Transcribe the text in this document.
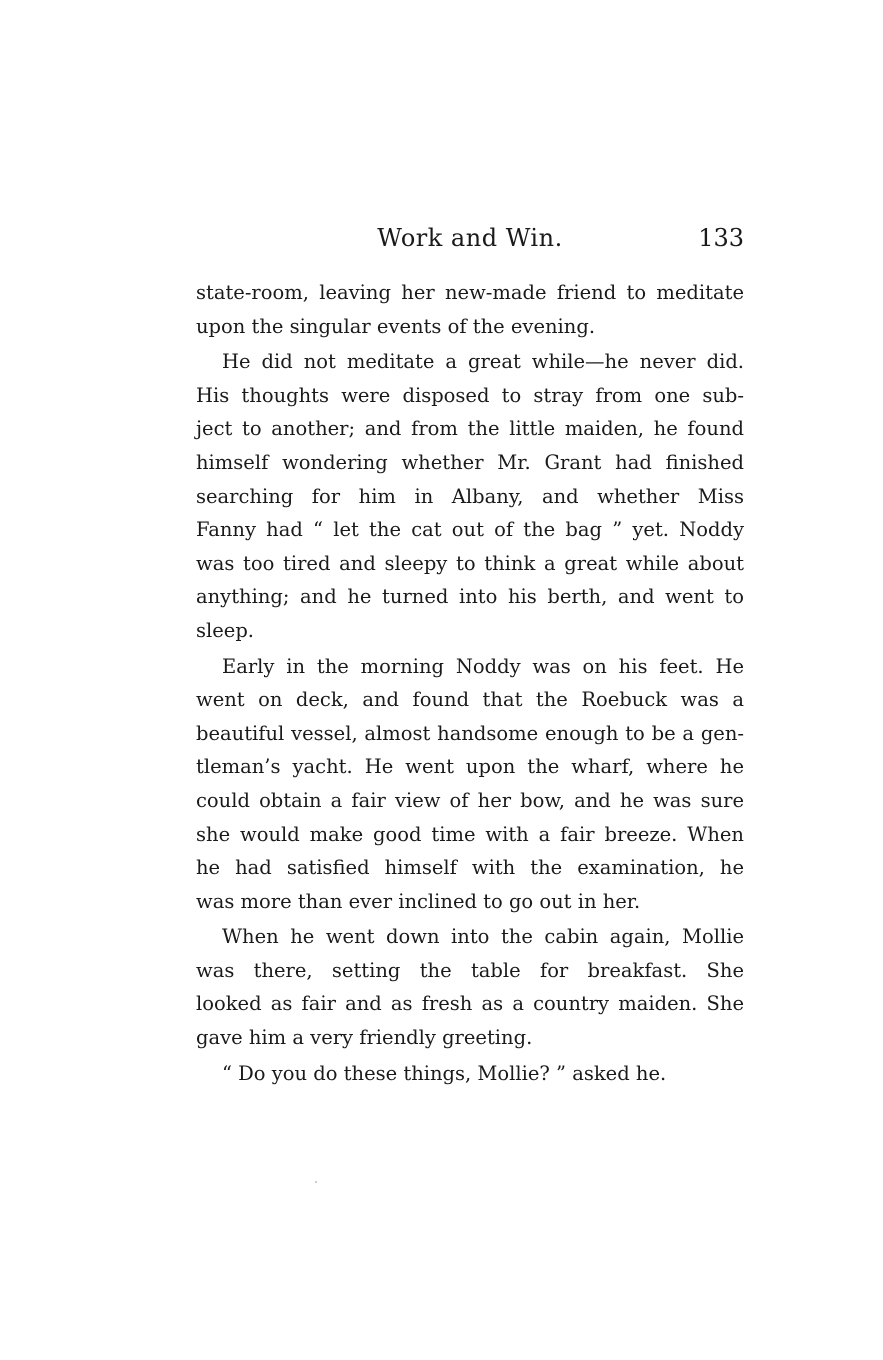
Work and Win.	133
state-room, leaving her new-made friend to meditate
upon the singular events of the evening.
He did not meditate a great while—he never did.
His thoughts were disposed to stray from one sub-
ject to another; and from the little maiden, he found
himself wondering whether Mr. Grant had finished
searching for him in Albany, and whether Miss
Fanny had “ let the cat out of the bag ” yet. Noddy
was too tired and sleepy to think a great while about
anything; and he turned into his berth, and went to
sleep.
Early in the morning Noddy was on his feet. He
went on deck, and found that the Roebuck was a
beautiful vessel, almost handsome enough to be a gen-
tleman’s yacht. He went upon the wharf, where he
could obtain a fair view of her bow, and he was sure
she would make good time with a fair breeze. When
he had satisfied himself with the examination, he
was more than ever inclined to go out in her.
When he went down into the cabin again, Mollie
was there, setting the table for breakfast. She
looked as fair and as fresh as a country maiden. She
gave him a very friendly greeting.
“ Do you do these things, Mollie? ” asked he.
